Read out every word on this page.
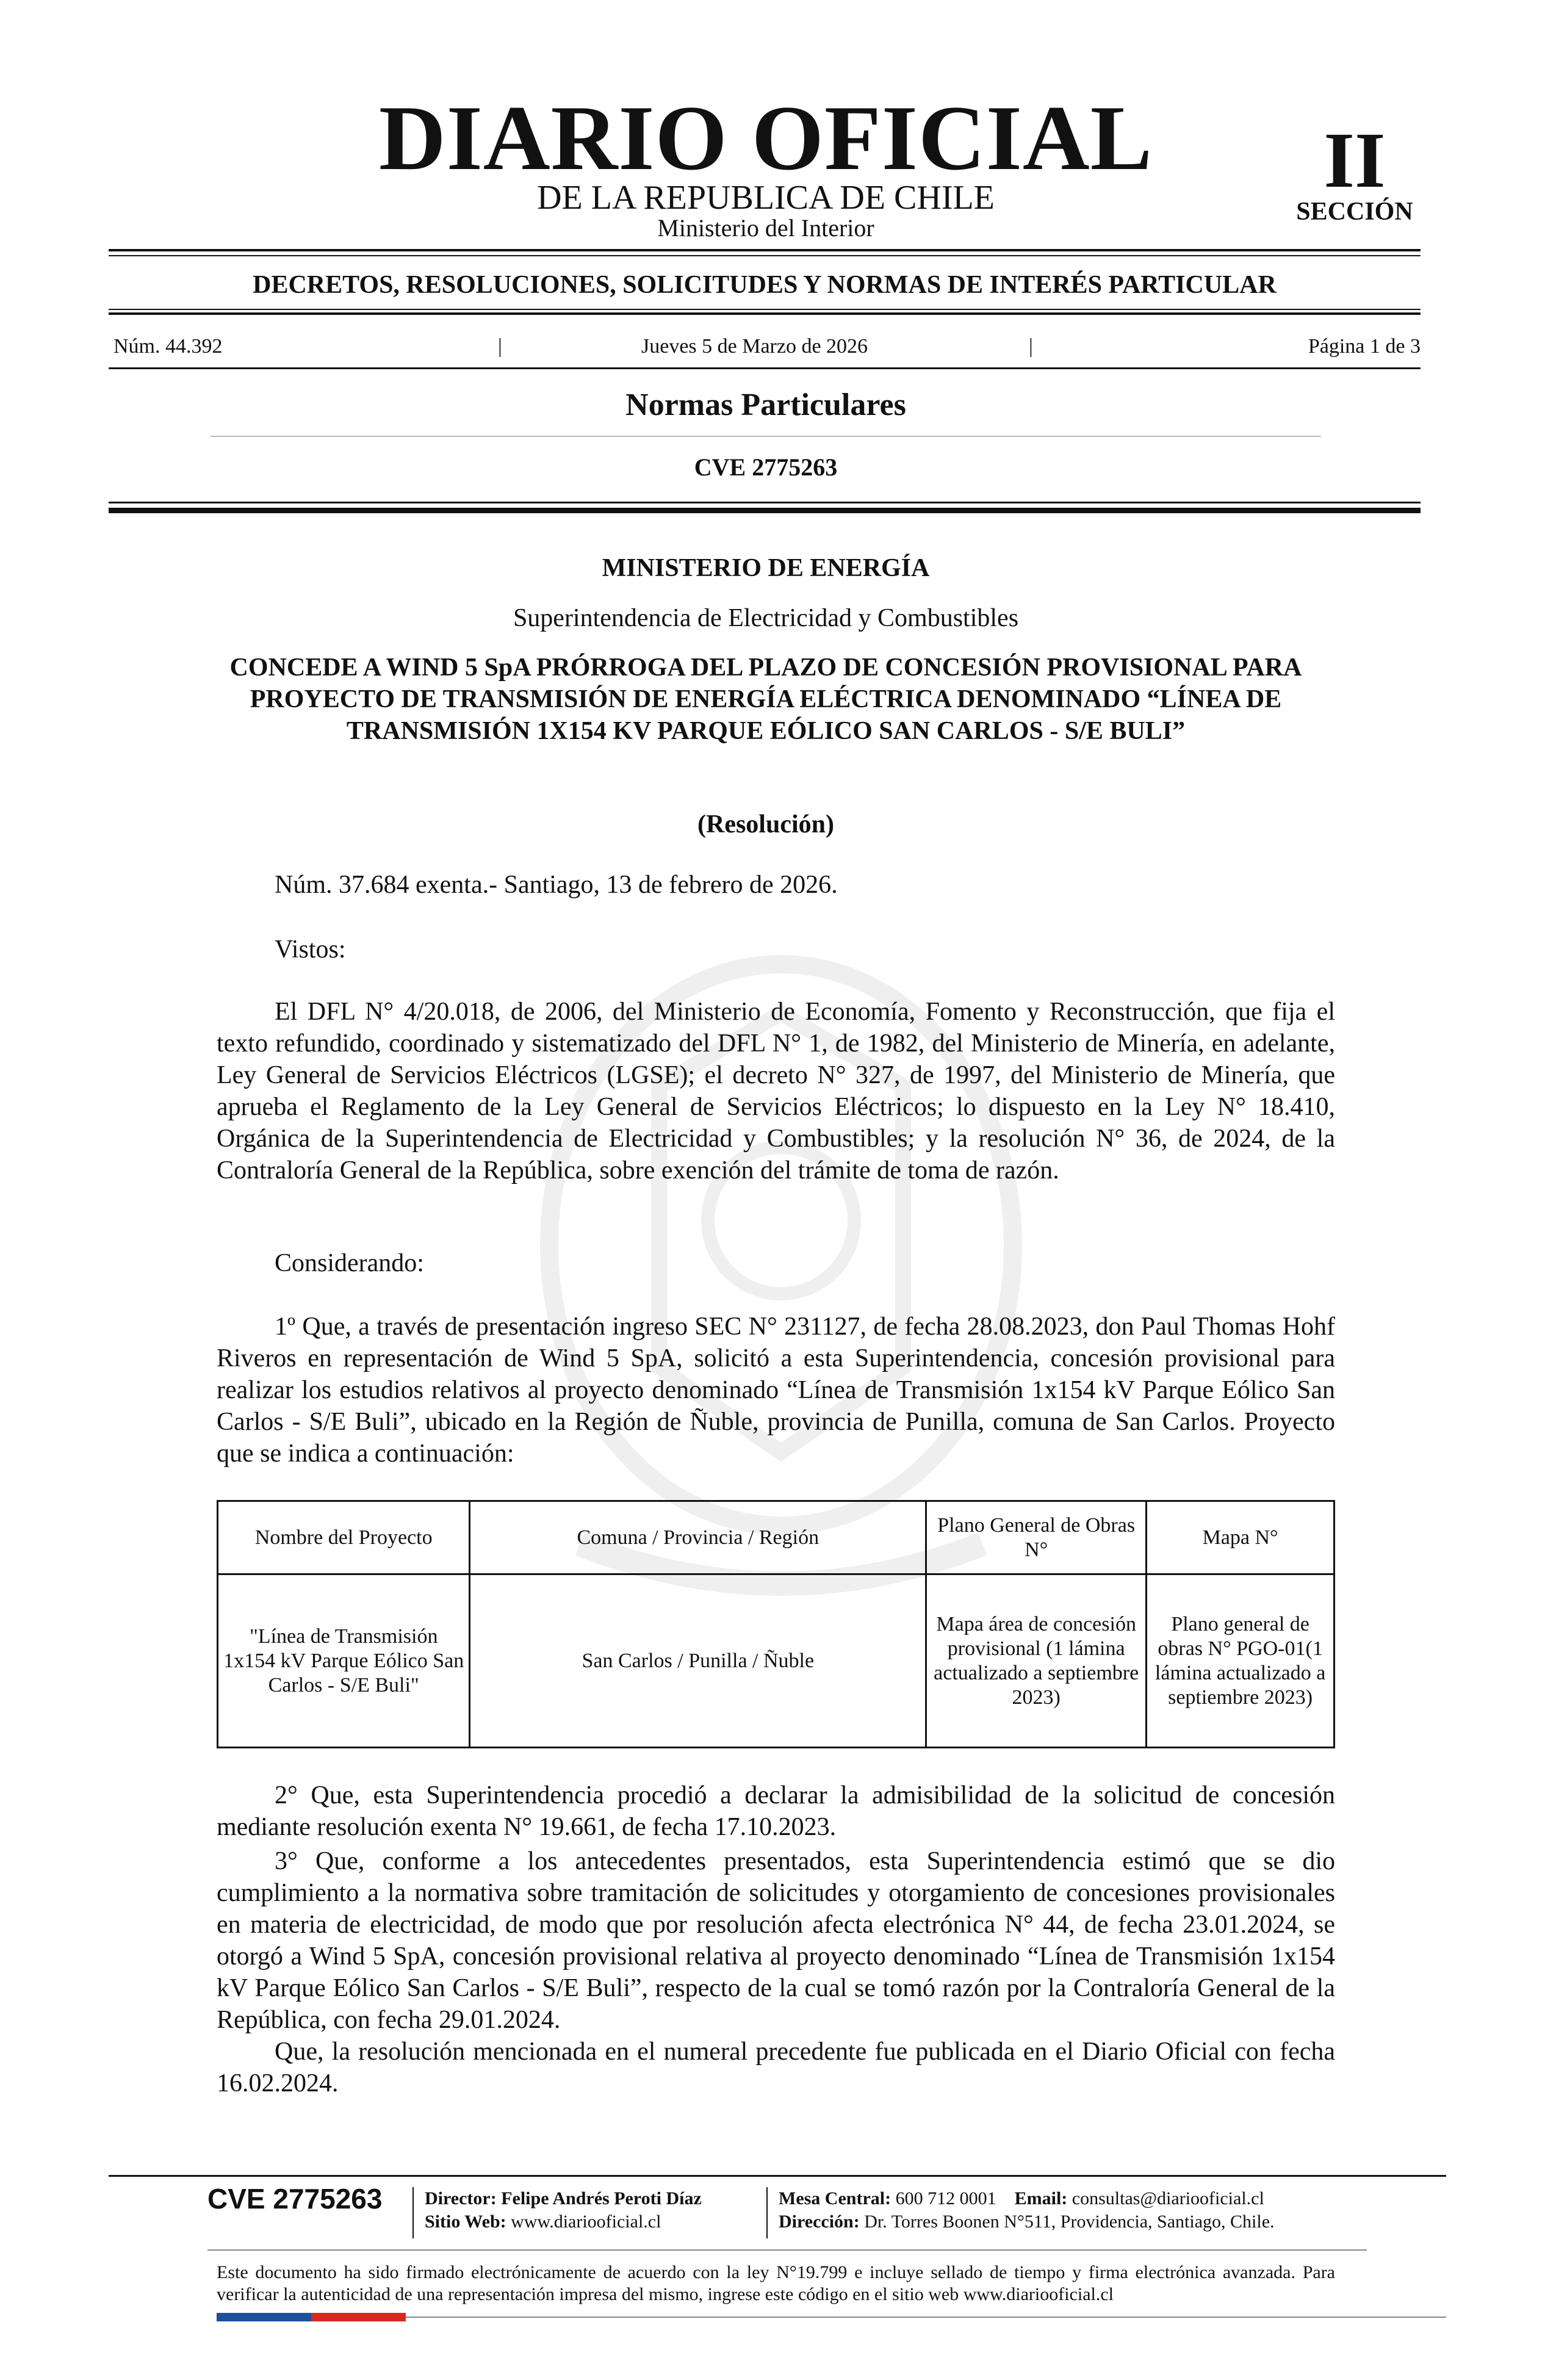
DIARIO OFICIAL
DE LA REPUBLICA DE CHILE
Ministerio del Interior
II
SECCIÓN
DECRETOS, RESOLUCIONES, SOLICITUDES Y NORMAS DE INTERÉS PARTICULAR
Núm. 44.392	|	Jueves 5 de Marzo de 2026	|	Página 1 de 3
Normas Particulares
CVE 2775263
MINISTERIO DE ENERGÍA
Superintendencia de Electricidad y Combustibles
CONCEDE A WIND 5 SpA PRÓRROGA DEL PLAZO DE CONCESIÓN PROVISIONAL PARA PROYECTO DE TRANSMISIÓN DE ENERGÍA ELÉCTRICA DENOMINADO “LÍNEA DE TRANSMISIÓN 1X154 KV PARQUE EÓLICO SAN CARLOS - S/E BULI”
(Resolución)
Núm. 37.684 exenta.- Santiago, 13 de febrero de 2026.
Vistos:
El DFL N° 4/20.018, de 2006, del Ministerio de Economía, Fomento y Reconstrucción, que fija el texto refundido, coordinado y sistematizado del DFL N° 1, de 1982, del Ministerio de Minería, en adelante, Ley General de Servicios Eléctricos (LGSE); el decreto N° 327, de 1997, del Ministerio de Minería, que aprueba el Reglamento de la Ley General de Servicios Eléctricos; lo dispuesto en la Ley N° 18.410, Orgánica de la Superintendencia de Electricidad y Combustibles; y la resolución N° 36, de 2024, de la Contraloría General de la República, sobre exención del trámite de toma de razón.
Considerando:
1º Que, a través de presentación ingreso SEC N° 231127, de fecha 28.08.2023, don Paul Thomas Hohf Riveros en representación de Wind 5 SpA, solicitó a esta Superintendencia, concesión provisional para realizar los estudios relativos al proyecto denominado “Línea de Transmisión 1x154 kV Parque Eólico San Carlos - S/E Buli”, ubicado en la Región de Ñuble, provincia de Punilla, comuna de San Carlos. Proyecto que se indica a continuación:
Nombre del Proyecto	Comuna / Provincia / Región	Plano General de Obras N°	Mapa N°
"Línea de Transmisión 1x154 kV Parque Eólico San Carlos - S/E Buli"	San Carlos / Punilla / Ñuble	Mapa área de concesión provisional (1 lámina actualizado a septiembre 2023)	Plano general de obras N° PGO-01(1 lámina actualizado a septiembre 2023)
2° Que, esta Superintendencia procedió a declarar la admisibilidad de la solicitud de concesión mediante resolución exenta N° 19.661, de fecha 17.10.2023.
3° Que, conforme a los antecedentes presentados, esta Superintendencia estimó que se dio cumplimiento a la normativa sobre tramitación de solicitudes y otorgamiento de concesiones provisionales en materia de electricidad, de modo que por resolución afecta electrónica N° 44, de fecha 23.01.2024, se otorgó a Wind 5 SpA, concesión provisional relativa al proyecto denominado “Línea de Transmisión 1x154 kV Parque Eólico San Carlos - S/E Buli”, respecto de la cual se tomó razón por la Contraloría General de la República, con fecha 29.01.2024.
Que, la resolución mencionada en el numeral precedente fue publicada en el Diario Oficial con fecha 16.02.2024.
CVE 2775263	Director: Felipe Andrés Peroti Díaz
Sitio Web: www.diariooficial.cl
Mesa Central: 600 712 0001 Email: consultas@diariooficial.cl
Dirección: Dr. Torres Boonen N°511, Providencia, Santiago, Chile.
Este documento ha sido firmado electrónicamente de acuerdo con la ley N°19.799 e incluye sellado de tiempo y firma electrónica avanzada. Para verificar la autenticidad de una representación impresa del mismo, ingrese este código en el sitio web www.diariooficial.cl
